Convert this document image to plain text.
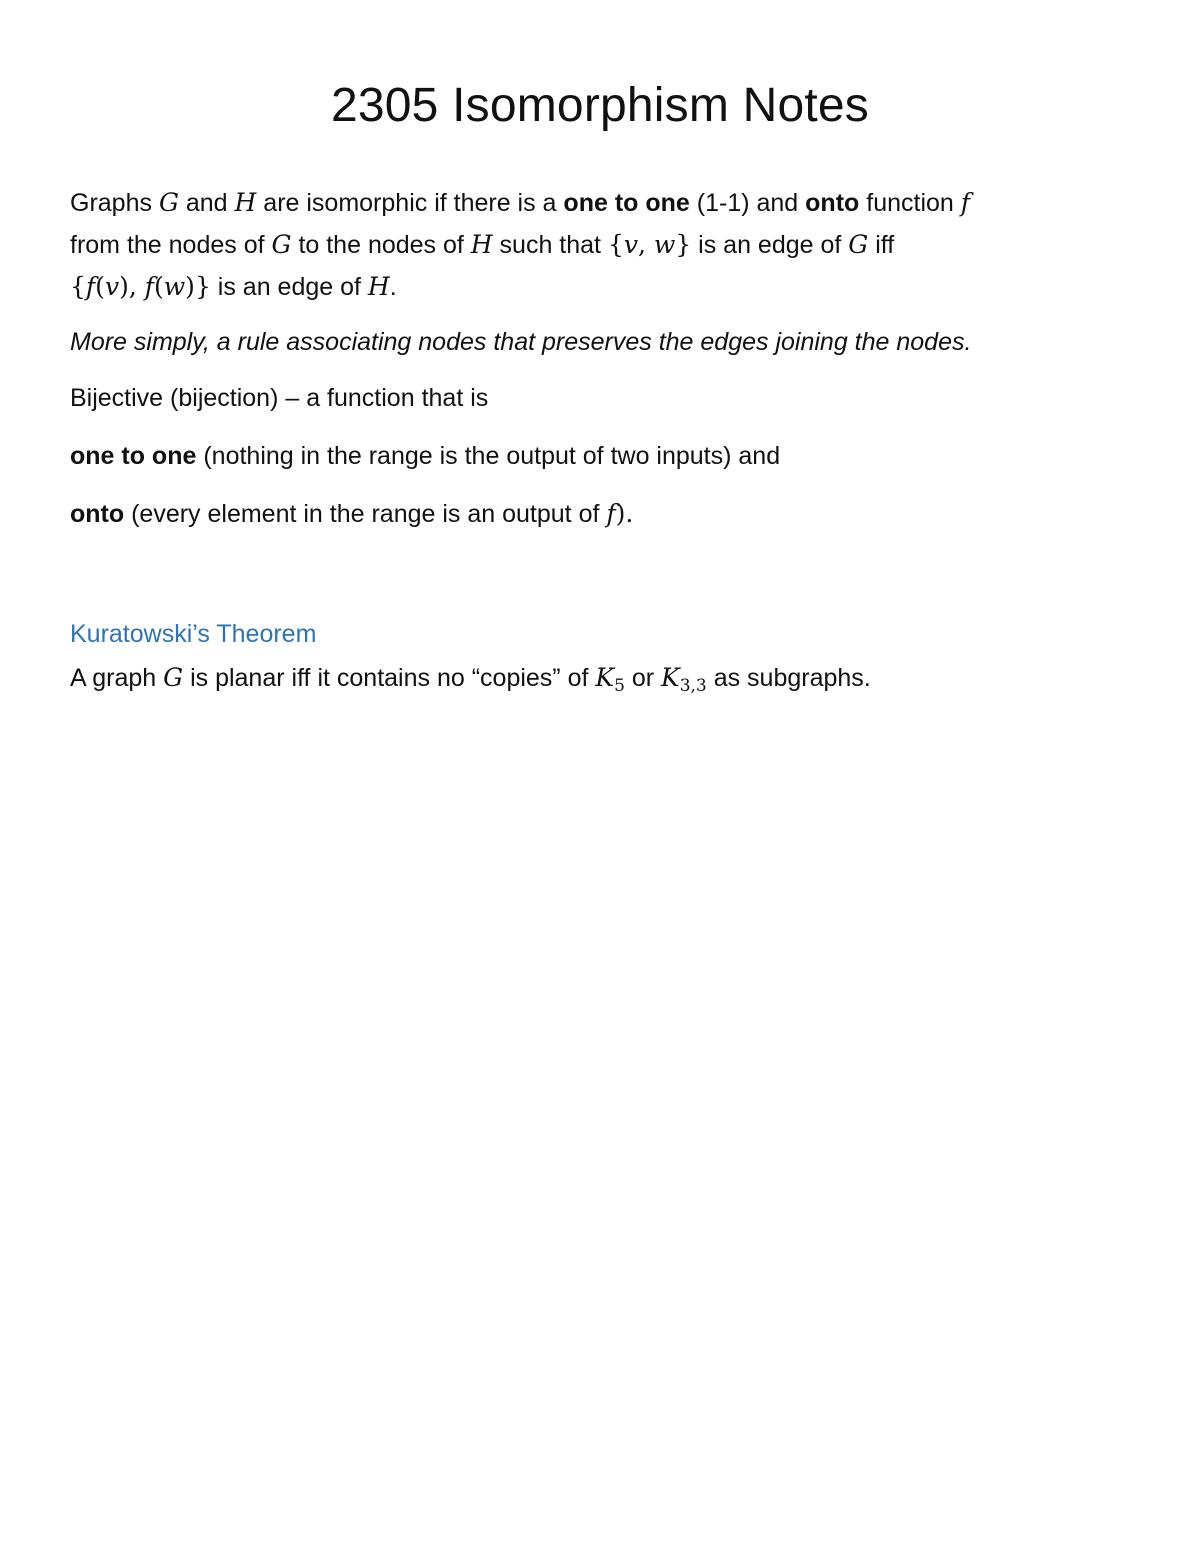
2305 Isomorphism Notes

Graphs G and H are isomorphic if there is a one to one (1-1) and onto function f
from the nodes of G to the nodes of H such that {v, w} is an edge of G iff
{f(v), f(w)} is an edge of H.

More simply, a rule associating nodes that preserves the edges joining the nodes.

Bijective (bijection) – a function that is

one to one (nothing in the range is the output of two inputs) and

onto (every element in the range is an output of f).

Kuratowski’s Theorem

A graph G is planar iff it contains no “copies” of $K_5$ or $K_{3,3}$ as subgraphs.
